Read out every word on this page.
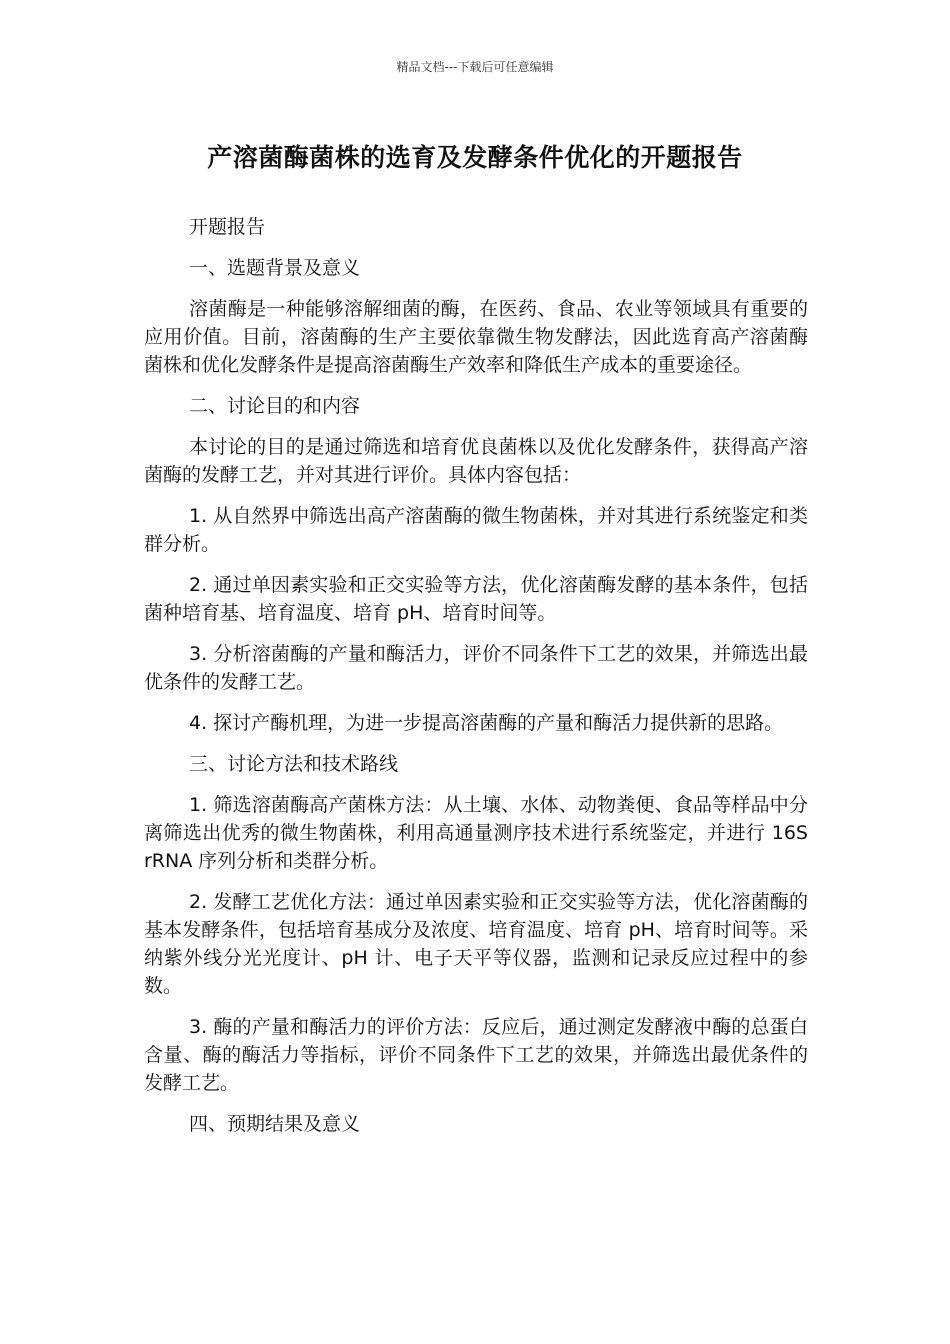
精品文档---下载后可任意编辑
产溶菌酶菌株的选育及发酵条件优化的开题报告

开题报告

一、选题背景及意义

溶菌酶是一种能够溶解细菌的酶，在医药、食品、农业等领域具有重要的应用价值。目前，溶菌酶的生产主要依靠微生物发酵法，因此选育高产溶菌酶菌株和优化发酵条件是提高溶菌酶生产效率和降低生产成本的重要途径。

二、讨论目的和内容

本讨论的目的是通过筛选和培育优良菌株以及优化发酵条件，获得高产溶菌酶的发酵工艺，并对其进行评价。具体内容包括：

1. 从自然界中筛选出高产溶菌酶的微生物菌株，并对其进行系统鉴定和类群分析。

2. 通过单因素实验和正交实验等方法，优化溶菌酶发酵的基本条件，包括菌种培育基、培育温度、培育 pH、培育时间等。

3. 分析溶菌酶的产量和酶活力，评价不同条件下工艺的效果，并筛选出最优条件的发酵工艺。

4. 探讨产酶机理，为进一步提高溶菌酶的产量和酶活力提供新的思路。

三、讨论方法和技术路线

1. 筛选溶菌酶高产菌株方法：从土壤、水体、动物粪便、食品等样品中分离筛选出优秀的微生物菌株，利用高通量测序技术进行系统鉴定，并进行 16S rRNA 序列分析和类群分析。

2. 发酵工艺优化方法：通过单因素实验和正交实验等方法，优化溶菌酶的基本发酵条件，包括培育基成分及浓度、培育温度、培育 pH、培育时间等。采纳紫外线分光光度计、pH 计、电子天平等仪器，监测和记录反应过程中的参数。

3. 酶的产量和酶活力的评价方法：反应后，通过测定发酵液中酶的总蛋白含量、酶的酶活力等指标，评价不同条件下工艺的效果，并筛选出最优条件的发酵工艺。

四、预期结果及意义
